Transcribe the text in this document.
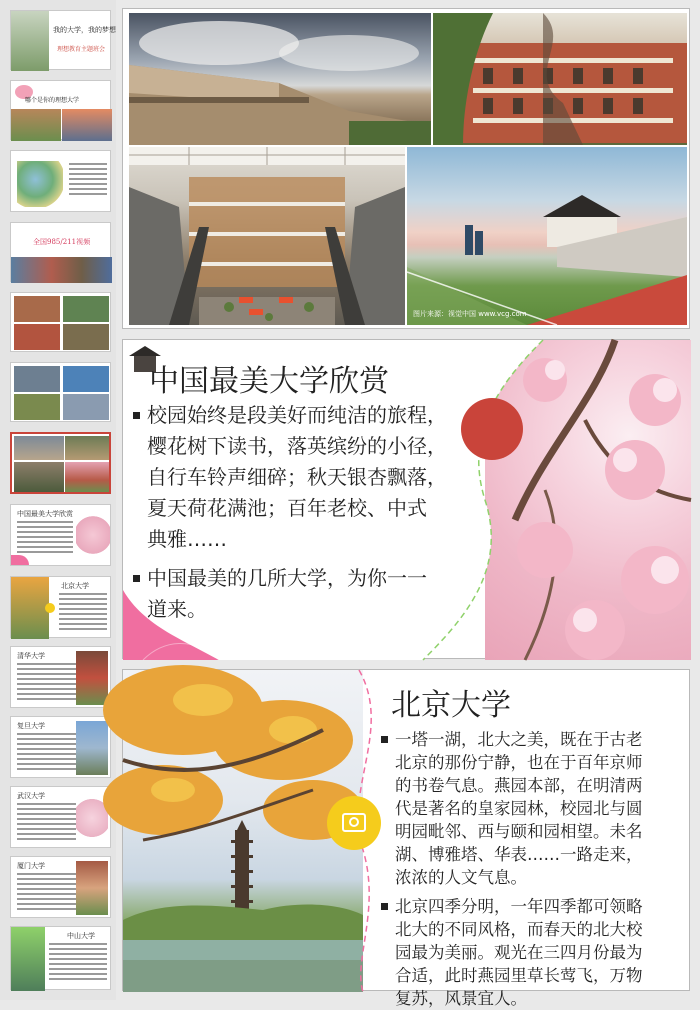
我的大学，我的梦想
理想教育主题班会
哪个是你的理想大学
全国985/211视频
中国最美大学欣赏
北京大学
清华大学
复旦大学
武汉大学
厦门大学
中山大学
图片来源：视觉中国 www.vcg.com
中国最美大学欣赏

校园始终是段美好而纯洁的旅程，
樱花树下读书，落英缤纷的小径，
自行车铃声细碎；秋天银杏飘落，
夏天荷花满池；百年老校、中式
典雅……

中国最美的几所大学，为你一一
道来。

北京大学

一塔一湖，北大之美，既在于古老
北京的那份宁静，也在于百年京师
的书卷气息。燕园本部，在明清两
代是著名的皇家园林，校园北与圆
明园毗邻、西与颐和园相望。未名
湖、博雅塔、华表……一路走来，
浓浓的人文气息。

北京四季分明，一年四季都可领略
北大的不同风格，而春天的北大校
园最为美丽。观光在三四月份最为
合适，此时燕园里草长莺飞，万物
复苏，风景宜人。
